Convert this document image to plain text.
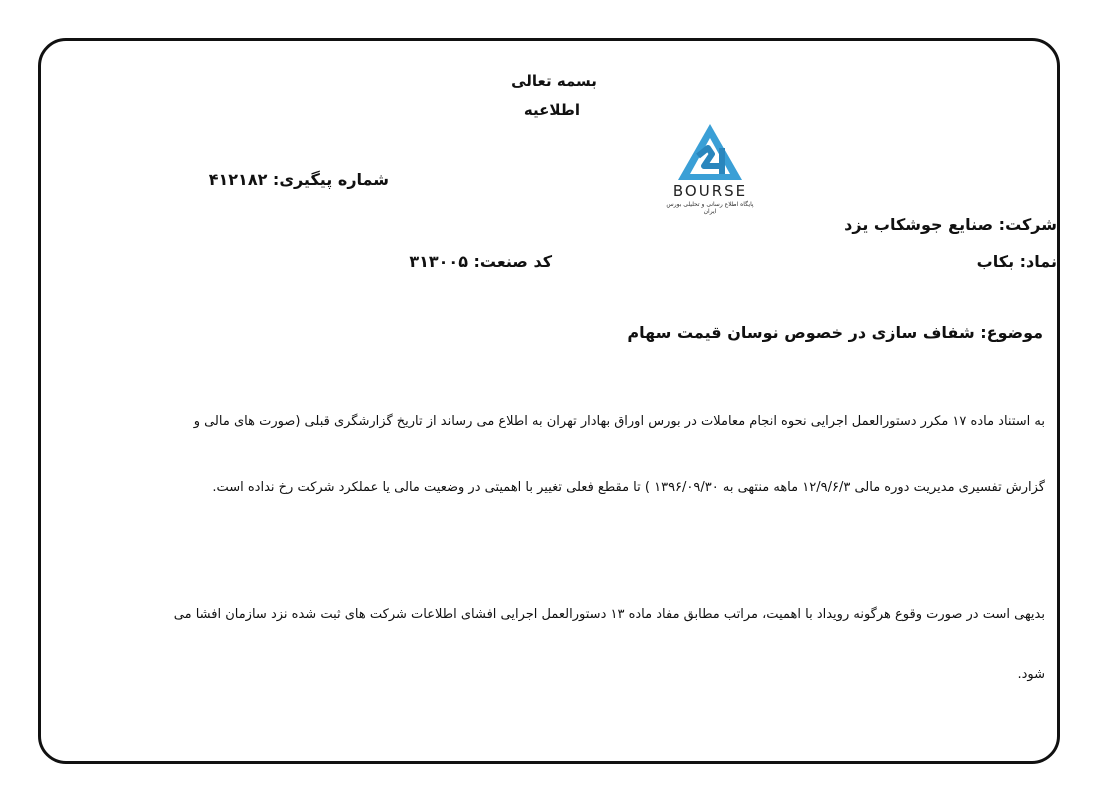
بسمه تعالی
اطلاعیه
شماره پیگیری: ۴۱۲۱۸۲
BOURSE
پایگاه اطلاع رسانی و تحلیلی بورس ایران
شرکت: صنایع جوشکاب یزد
نماد: بکاب
کد صنعت: ۳۱۳۰۰۵
موضوع: شفاف سازی در خصوص نوسان قیمت سهام
به استناد ماده ۱۷ مکرر دستورالعمل اجرایی نحوه انجام معاملات در بورس اوراق بهادار تهران به اطلاع می رساند از تاریخ گزارشگری قبلی (صورت های مالی و
گزارش تفسیری مدیریت دوره مالی ۱۲/۹/۶/۳ ماهه منتهی به ۱۳۹۶/۰۹/۳۰ ) تا مقطع فعلی تغییر با اهمیتی در وضعیت مالی یا عملکرد شرکت رخ نداده است.
بدیهی است در صورت وقوع هرگونه رویداد با اهمیت، مراتب مطابق مفاد ماده ۱۳ دستورالعمل اجرایی افشای اطلاعات شرکت های ثبت شده نزد سازمان افشا می
شود.
